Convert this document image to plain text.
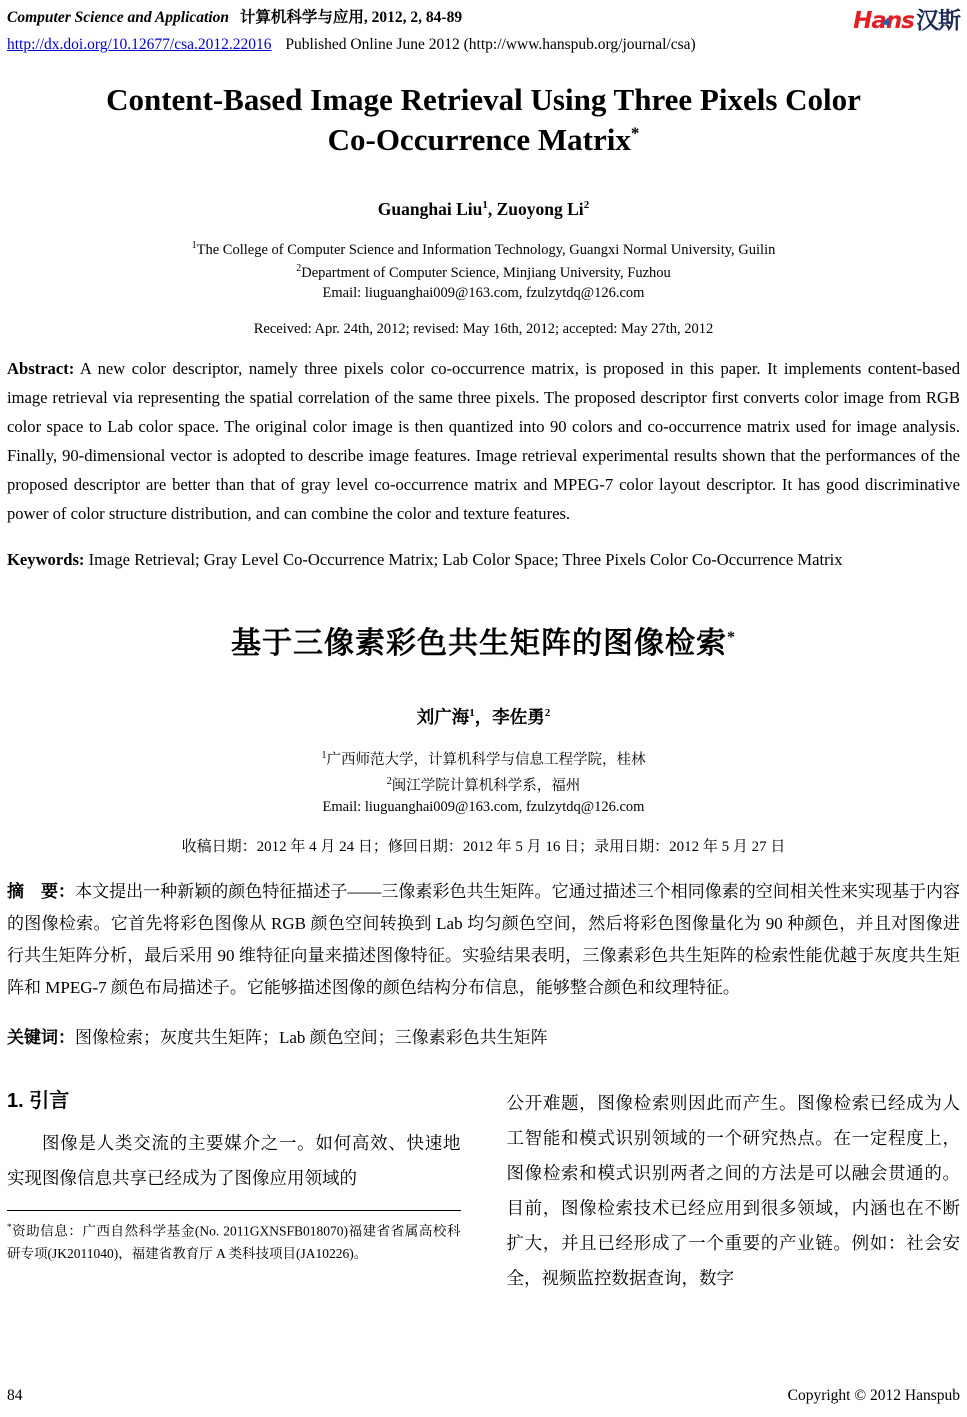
Computer Science and Application 计算机科学与应用, 2012, 2, 84-89	Hans汉斯
http://dx.doi.org/10.12677/csa.2012.22016 Published Online June 2012 (http://www.hanspub.org/journal/csa)
Content-Based Image Retrieval Using Three Pixels Color
Co-Occurrence Matrix*
Guanghai Liu$^1$, Zuoyong Li$^2$
$^1$The College of Computer Science and Information Technology, Guangxi Normal University, Guilin
$^2$Department of Computer Science, Minjiang University, Fuzhou
Email: liuguanghai009@163.com, fzulzytdq@126.com
Received: Apr. 24th, 2012; revised: May 16th, 2012; accepted: May 27th, 2012
Abstract: A new color descriptor, namely three pixels color co-occurrence matrix, is proposed in this paper. It implements content-based image retrieval via representing the spatial correlation of the same three pixels. The proposed descriptor first converts color image from RGB color space to Lab color space. The original color image is then quantized into 90 colors and co-occurrence matrix used for image analysis. Finally, 90-dimensional vector is adopted to describe image features. Image retrieval experimental results shown that the performances of the proposed descriptor are better than that of gray level co-occurrence matrix and MPEG-7 color layout descriptor. It has good discriminative power of color structure distribution, and can combine the color and texture features.
Keywords: Image Retrieval; Gray Level Co-Occurrence Matrix; Lab Color Space; Three Pixels Color Co-Occurrence Matrix
基于三像素彩色共生矩阵的图像检索*
刘广海$^1$，李佐勇$^2$
$^1$广西师范大学，计算机科学与信息工程学院，桂林
$^2$闽江学院计算机科学系，福州
Email: liuguanghai009@163.com, fzulzytdq@126.com
收稿日期：2012 年 4 月 24 日；修回日期：2012 年 5 月 16 日；录用日期：2012 年 5 月 27 日
摘　要：本文提出一种新颖的颜色特征描述子——三像素彩色共生矩阵。它通过描述三个相同像素的空间相关性来实现基于内容的图像检索。它首先将彩色图像从 RGB 颜色空间转换到 Lab 均匀颜色空间，然后将彩色图像量化为 90 种颜色，并且对图像进行共生矩阵分析，最后采用 90 维特征向量来描述图像特征。实验结果表明，三像素彩色共生矩阵的检索性能优越于灰度共生矩阵和 MPEG-7 颜色布局描述子。它能够描述图像的颜色结构分布信息，能够整合颜色和纹理特征。
关键词：图像检索；灰度共生矩阵；Lab 颜色空间；三像素彩色共生矩阵
1. 引言
图像是人类交流的主要媒介之一。如何高效、快速地实现图像信息共享已经成为了图像应用领域的
*资助信息：广西自然科学基金(No. 2011GXNSFB018070)福建省省属高校科研专项(JK2011040)，福建省教育厅 A 类科技项目(JA10226)。
公开难题，图像检索则因此而产生。图像检索已经成为人工智能和模式识别领域的一个研究热点。在一定程度上，图像检索和模式识别两者之间的方法是可以融会贯通的。目前，图像检索技术已经应用到很多领域，内涵也在不断扩大，并且已经形成了一个重要的产业链。例如：社会安全，视频监控数据查询，数字
84	Copyright © 2012 Hanspub
